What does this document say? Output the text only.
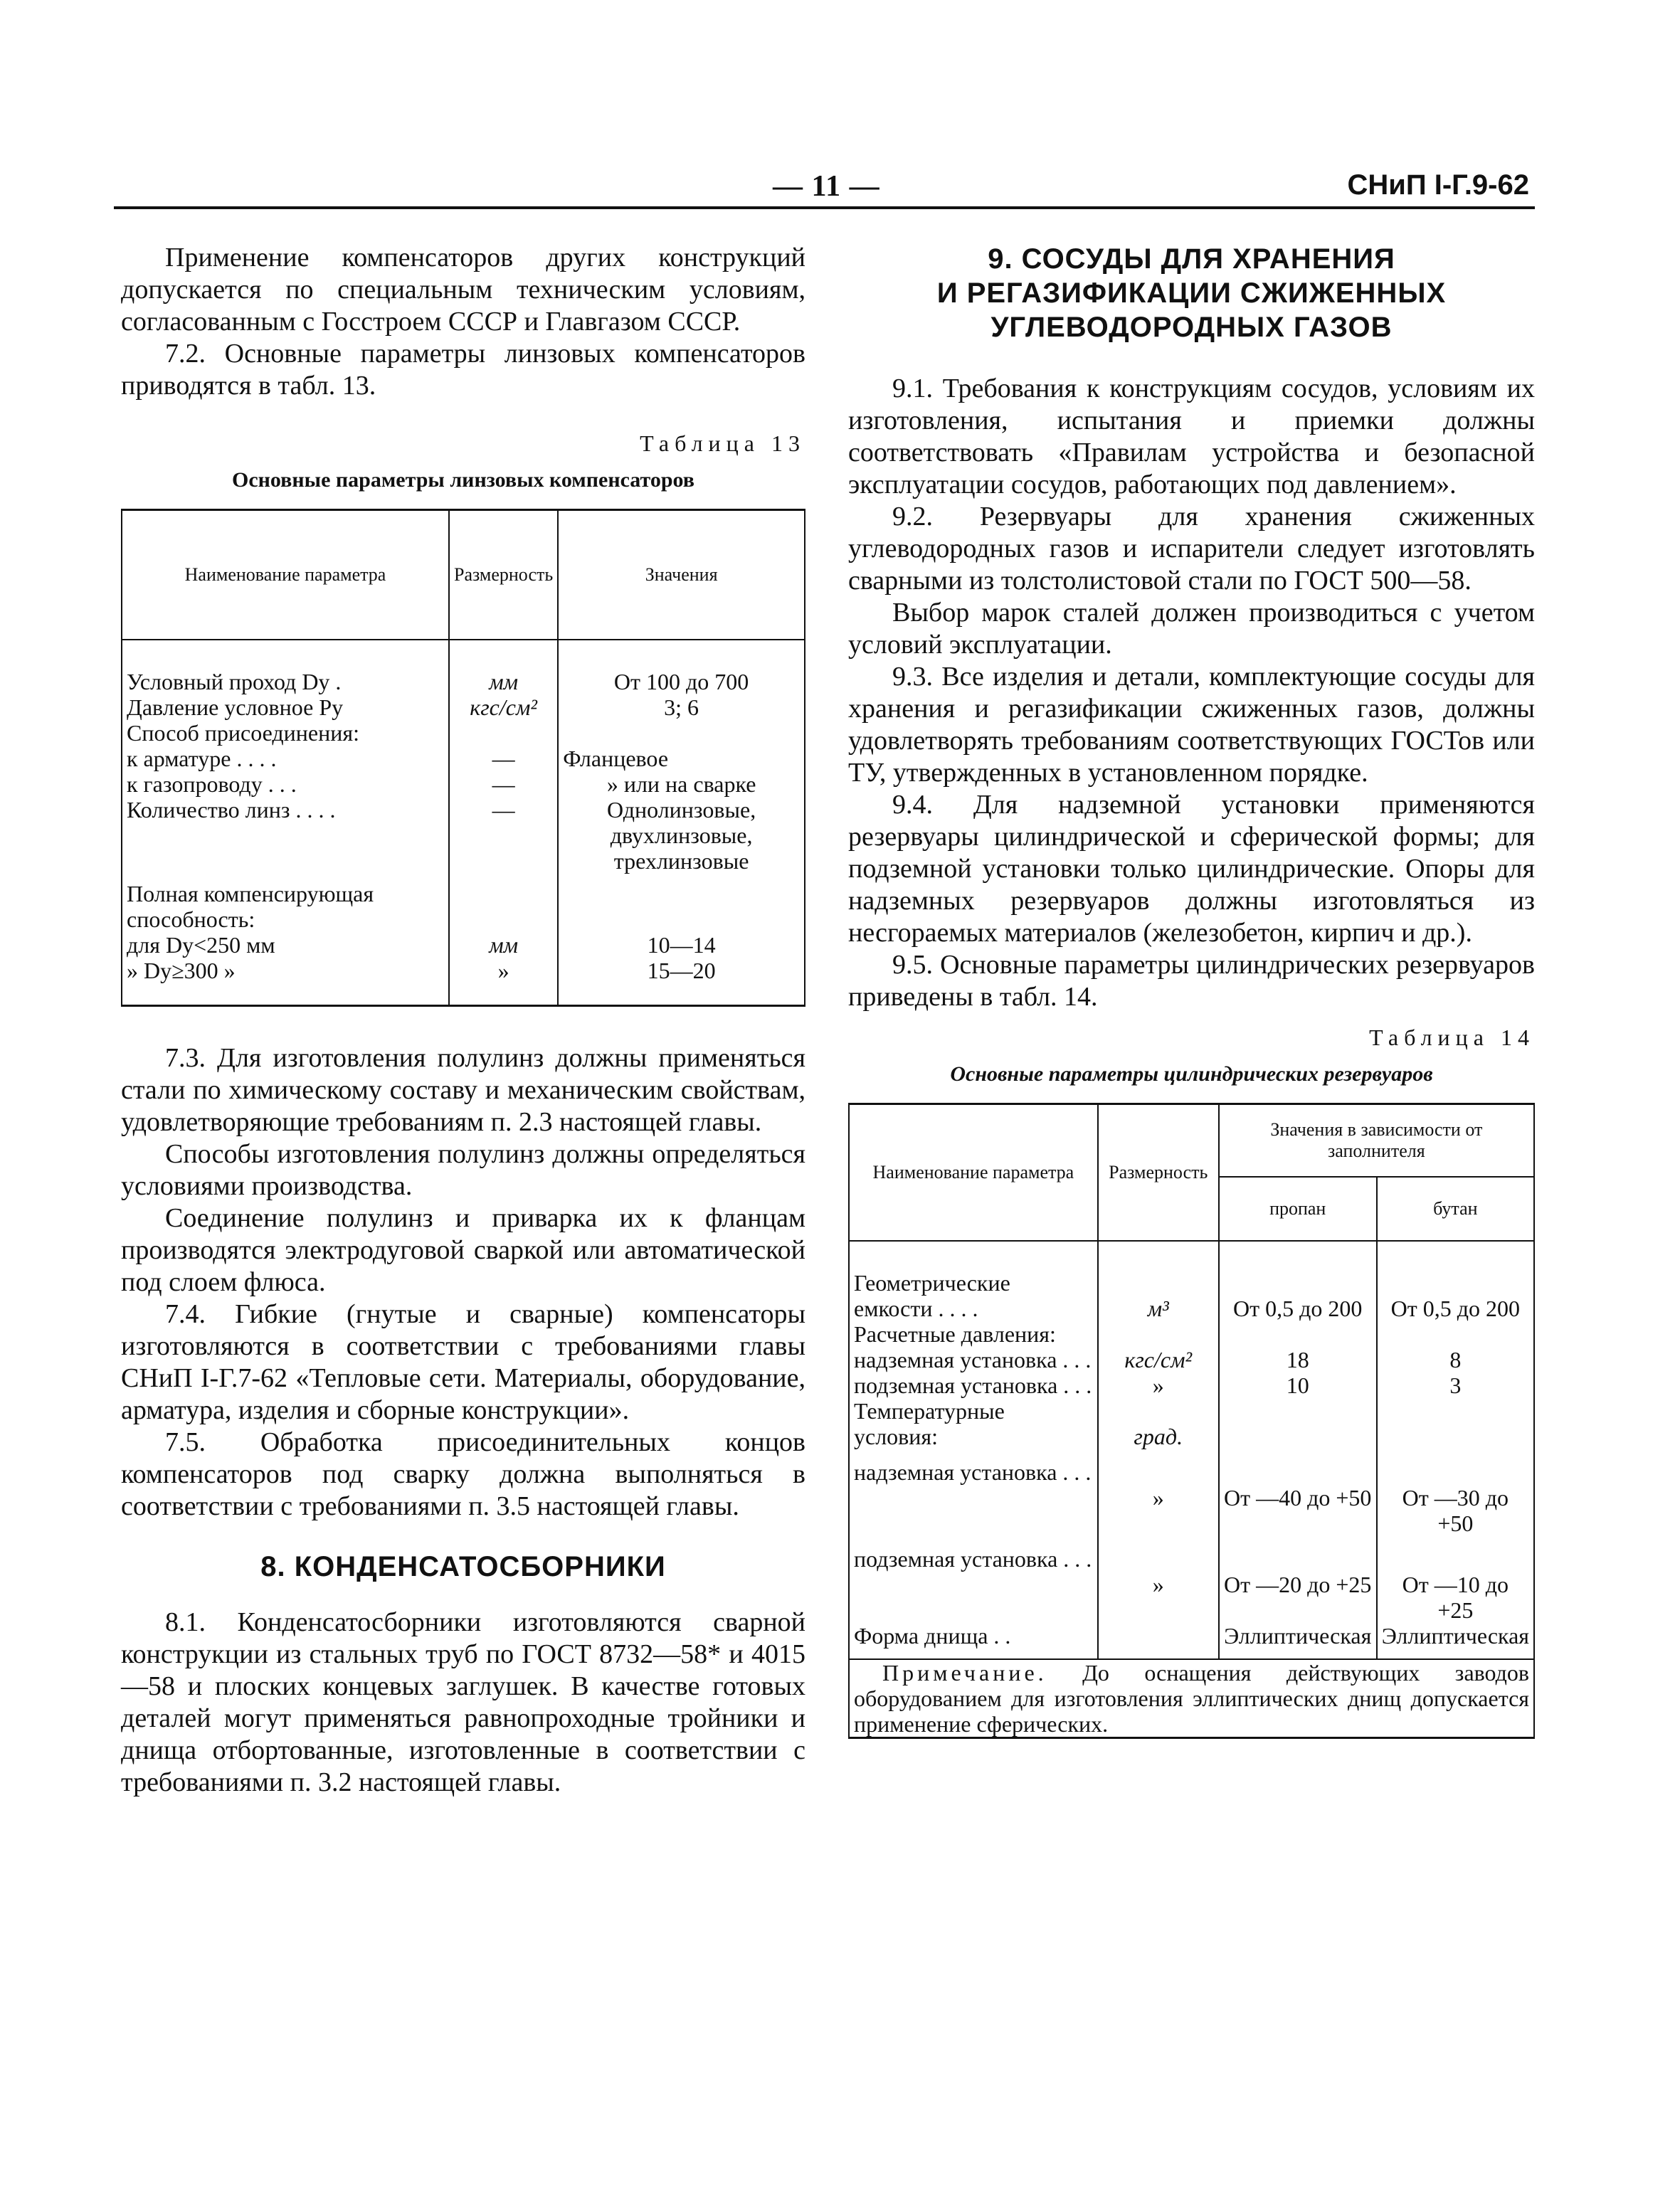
— 11 —	СНиП I-Г.9-62

Применение компенсаторов других конструкций допускается по специальным техническим условиям, согласованным с Госстроем СССР и Главгазом СССР.

7.2. Основные параметры линзовых компенсаторов приводятся в табл. 13.

Таблица 13
Основные параметры линзовых компенсаторов
Наименование параметра	Размерность	Значения
Условный проход Dу .	мм	От 100 до 700
Давление условное Pу	кгс/см²	3; 6
Способ присоединения:		
к арматуре . . . .	—	Фланцевое
к газопроводу . . .	—	» или на сварке
Количество линз . . . .	—	Однолинзовые, двухлинзовые, трехлинзовые
Полная компенсирующая способность:		
для Dу<250 мм	мм	10—14
» Dу≥300 »	»	15—20

7.3. Для изготовления полулинз должны применяться стали по химическому составу и механическим свойствам, удовлетворяющие требованиям п. 2.3 настоящей главы.

Способы изготовления полулинз должны определяться условиями производства.

Соединение полулинз и приварка их к фланцам производятся электродуговой сваркой или автоматической под слоем флюса.

7.4. Гибкие (гнутые и сварные) компенсаторы изготовляются в соответствии с требованиями главы СНиП I-Г.7-62 «Тепловые сети. Материалы, оборудование, арматура, изделия и сборные конструкции».

7.5. Обработка присоединительных концов компенсаторов под сварку должна выполняться в соответствии с требованиями п. 3.5 настоящей главы.

8. КОНДЕНСАТОСБОРНИКИ

8.1. Конденсатосборники изготовляются сварной конструкции из стальных труб по ГОСТ 8732—58* и 4015—58 и плоских концевых заглушек. В качестве готовых деталей могут применяться равнопроходные тройники и днища отбортованные, изготовленные в соответствии с требованиями п. 3.2 настоящей главы.

9. СОСУДЫ ДЛЯ ХРАНЕНИЯ
И РЕГАЗИФИКАЦИИ СЖИЖЕННЫХ
УГЛЕВОДОРОДНЫХ ГАЗОВ

9.1. Требования к конструкциям сосудов, условиям их изготовления, испытания и приемки должны соответствовать «Правилам устройства и безопасной эксплуатации сосудов, работающих под давлением».

9.2. Резервуары для хранения сжиженных углеводородных газов и испарители следует изготовлять сварными из толстолистовой стали по ГОСТ 500—58.

Выбор марок сталей должен производиться с учетом условий эксплуатации.

9.3. Все изделия и детали, комплектующие сосуды для хранения и регазификации сжиженных газов, должны удовлетворять требованиям соответствующих ГОСТов или ТУ, утвержденных в установленном порядке.

9.4. Для надземной установки применяются резервуары цилиндрической и сферической формы; для подземной установки только цилиндрические. Опоры для надземных резервуаров должны изготовляться из несгораемых материалов (железобетон, кирпич и др.).

9.5. Основные параметры цилиндрических резервуаров приведены в табл. 14.

Таблица 14
Основные параметры цилиндрических резервуаров
Наименование параметра	Размерность	Значения в зависимости от заполнителя	
		пропан	бутан
Геометрические			
емкости . . . .	м³	От 0,5 до 200	От 0,5 до 200
Расчетные давления:			
надземная установка . . .	кгс/см²	18	8
подземная установка . . .	»	10	3
Температурные условия:	град.		
надземная установка . . .	»	От —40 до +50	От —30 до +50
подземная установка . . .	»	От —20 до +25	От —10 до +25
Форма днища . .		Эллиптическая	Эллиптическая
Примечание. До оснащения действующих заводов оборудованием для изготовления эллиптических днищ допускается применение сферических.			
